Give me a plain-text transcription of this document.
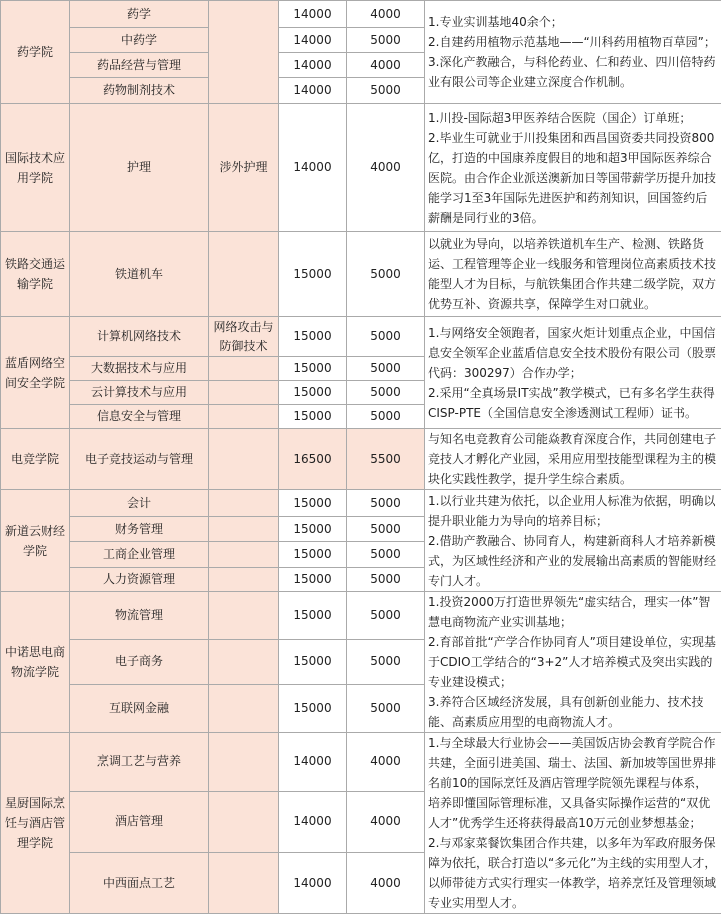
药学院	药学		14000	4000	1.专业实训基地40余个；
2.自建药用植物示范基地——“川科药用植物百草园”；
3.深化产教融合，与科伦药业、仁和药业、四川倍特药业有限公司等企业建立深度合作机制。
	中药学		14000	5000	
	药品经营与管理		14000	4000	
	药物制剂技术		14000	5000	
国际技术应用学院	护理	涉外护理	14000	4000	1.川投-国际超3甲医养结合医院（国企）订单班；
2.毕业生可就业于川投集团和西昌国资委共同投资800亿，打造的中国康养度假目的地和超3甲国际医养综合医院。由合作企业派送澳新加日等国带薪学历提升加技能学习1至3年国际先进医护和药剂知识，回国签约后薪酬是同行业的3倍。
铁路交通运输学院	铁道机车		15000	5000	以就业为导向，以培养铁道机车生产、检测、铁路货运、工程管理等企业一线服务和管理岗位高素质技术技能型人才为目标，与航铁集团合作共建二级学院，双方优势互补、资源共享，保障学生对口就业。
蓝盾网络空间安全学院	计算机网络技术	网络攻击与防御技术	15000	5000	1.与网络安全领跑者，国家火炬计划重点企业，中国信息安全领军企业蓝盾信息安全技术股份有限公司（股票代码：300297）合作办学；
2.采用“全真场景IT实战”教学模式，已有多名学生获得CISP-PTE（全国信息安全渗透测试工程师）证书。
	大数据技术与应用		15000	5000	
	云计算技术与应用		15000	5000	
	信息安全与管理		15000	5000	
电竞学院	电子竞技运动与管理		16500	5500	与知名电竞教育公司能焱教育深度合作，共同创建电子竞技人才孵化产业园，采用应用型技能型课程为主的模块化实践性教学，提升学生综合素质。
新道云财经学院	会计		15000	5000	1.以行业共建为依托，以企业用人标准为依据，明确以提升职业能力为导向的培养目标；
2.借助产教融合、协同育人，构建新商科人才培养新模式，为区域性经济和产业的发展输出高素质的智能财经专门人才。
	财务管理		15000	5000	
	工商企业管理		15000	5000	
	人力资源管理		15000	5000	
中诺思电商物流学院	物流管理		15000	5000	1.投资2000万打造世界领先“虚实结合，理实一体”智慧电商物流产业实训基地；
2.育部首批“产学合作协同育人”项目建设单位，实现基于CDIO工学结合的“3+2”人才培养模式及突出实践的专业建设模式；
3.养符合区域经济发展，具有创新创业能力、技术技能、高素质应用型的电商物流人才。
	电子商务		15000	5000	
	互联网金融		15000	5000	
星厨国际烹饪与酒店管理学院	烹调工艺与营养		14000	4000	1.与全球最大行业协会——美国饭店协会教育学院合作共建，全面引进美国、瑞士、法国、新加坡等国世界排名前10的国际烹饪及酒店管理学院领先课程与体系，培养即懂国际管理标准，又具备实际操作运营的“双优人才”优秀学生还将获得最高10万元创业梦想基金；
2.与邓家菜餐饮集团合作共建，以多年为军政府服务保障为依托，联合打造以“多元化”为主线的实用型人才，以师带徒方式实行理实一体教学，培养烹饪及管理领域专业实用型人才。
	酒店管理		14000	4000	
	中西面点工艺		14000	4000	
